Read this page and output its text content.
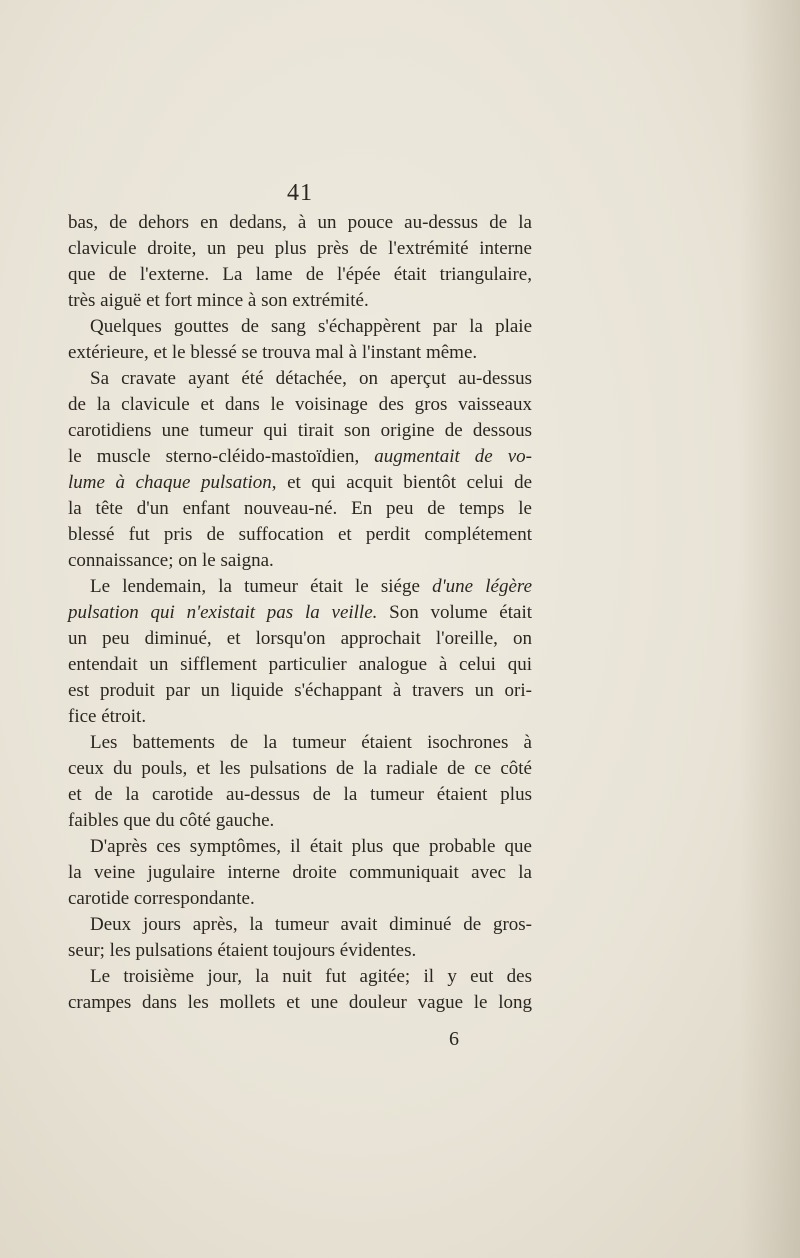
41
bas, de dehors en dedans, à un pouce au-dessus de la
clavicule droite, un peu plus près de l'extrémité interne
que de l'externe. La lame de l'épée était triangulaire,
très aiguë et fort mince à son extrémité.
Quelques gouttes de sang s'échappèrent par la plaie
extérieure, et le blessé se trouva mal à l'instant même.
Sa cravate ayant été détachée, on aperçut au-dessus
de la clavicule et dans le voisinage des gros vaisseaux
carotidiens une tumeur qui tirait son origine de dessous
le muscle sterno-cléido-mastoïdien, augmentait de vo-
lume à chaque pulsation, et qui acquit bientôt celui de
la tête d'un enfant nouveau-né. En peu de temps le
blessé fut pris de suffocation et perdit complétement
connaissance; on le saigna.
Le lendemain, la tumeur était le siége d'une légère
pulsation qui n'existait pas la veille. Son volume était
un peu diminué, et lorsqu'on approchait l'oreille, on
entendait un sifflement particulier analogue à celui qui
est produit par un liquide s'échappant à travers un ori-
fice étroit.
Les battements de la tumeur étaient isochrones à
ceux du pouls, et les pulsations de la radiale de ce côté
et de la carotide au-dessus de la tumeur étaient plus
faibles que du côté gauche.
D'après ces symptômes, il était plus que probable que
la veine jugulaire interne droite communiquait avec la
carotide correspondante.
Deux jours après, la tumeur avait diminué de gros-
seur; les pulsations étaient toujours évidentes.
Le troisième jour, la nuit fut agitée; il y eut des
crampes dans les mollets et une douleur vague le long
6
